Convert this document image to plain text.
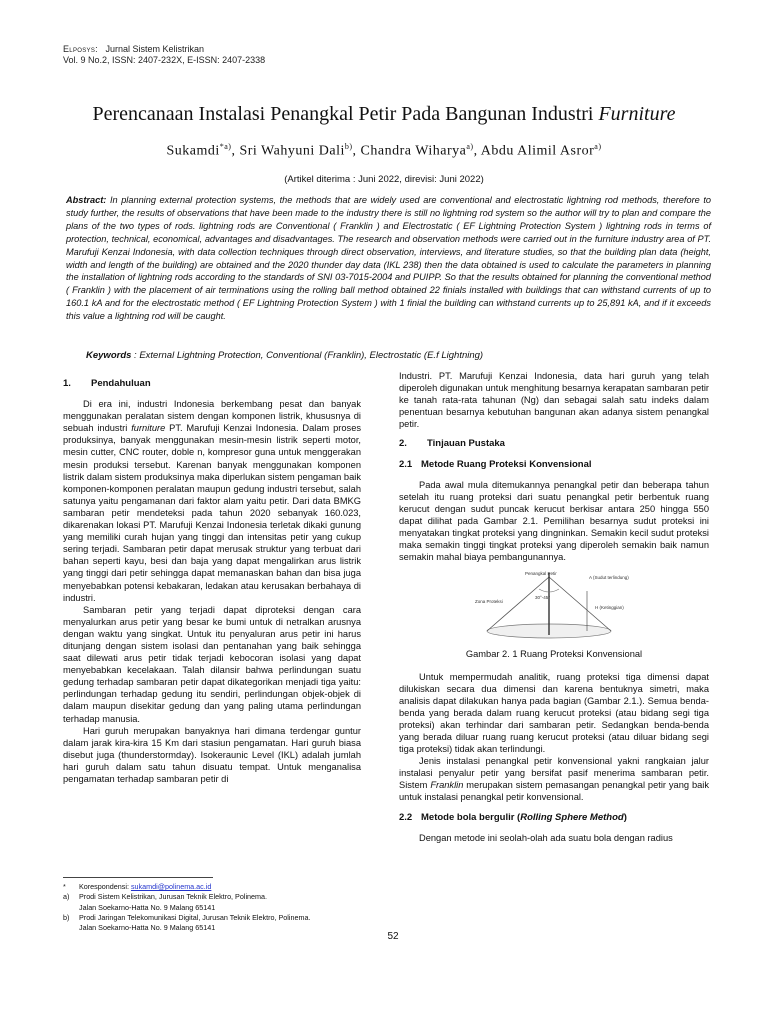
Elposys: Jurnal Sistem Kelistrikan
Vol. 9 No.2, ISSN: 2407-232X, E-ISSN: 2407-2338
Perencanaan Instalasi Penangkal Petir Pada Bangunan Industri Furniture
Sukamdi$^{*a)}$, Sri Wahyuni Dali$^{b)}$, Chandra Wiharya$^{a)}$, Abdu Alimil Asror$^{a)}$
(Artikel diterima : Juni 2022, direvisi: Juni 2022)
Abstract: In planning external protection systems, the methods that are widely used are conventional and electrostatic lightning rod methods, therefore to study further, the results of observations that have been made to the industry there is still no lightning rod system so the author will try to plan and compare the plans of the two types of rods. lightning rods are Conventional ( Franklin ) and Electrostatic ( EF Lightning Protection System ) lightning rods in terms of protection, technical, economical, advantages and disadvantages. The research and observation methods were carried out in the furniture industry area of PT. Marufuji Kenzai Indonesia, with data collection techniques through direct observation, interviews, and literature studies, so that the building plan data (height, width and length of the building) are obtained and the 2020 thunder day data (IKL 238) then the data obtained is used to calculate the parameters in planning the installation of lightning rods according to the standards of SNI 03-7015-2004 and PUIPP. So that the results obtained for planning the conventional method ( Franklin ) with the placement of air terminations using the rolling ball method obtained 22 finials installed with buildings that can withstand currents of up to 160.1 kA and for the electrostatic method ( EF Lightning Protection System ) with 1 finial the building can withstand currents up to 25,891 kA, and if it exceeds this value a lightning rod will be caught.
Keywords : External Lightning Protection, Conventional (Franklin), Electrostatic (E.f Lightning)

1. Pendahuluan

Di era ini, industri Indonesia berkembang pesat dan banyak menggunakan peralatan sistem dengan komponen listrik, khususnya di sebuah industri furniture PT. Marufuji Kenzai Indonesia. Dalam proses produksinya, banyak menggunakan mesin-mesin listrik seperti motor, mesin cutter, CNC router, doble n, kompresor guna untuk menggerakan mesin produksi tersebut. Karenan banyak menggunakan komponen listrik dalam sistem produksinya maka diperlukan sistem pengaman baik komponen-komponen peralatan maupun gedung industri tersebut, salah satunya yaitu pengamanan dari faktor alam yaitu petir. Dari data BMKG sambaran petir mendeteksi pada tahun 2020 sebanyak 160.023, dikarenakan lokasi PT. Marufuji Kenzai Indonesia terletak dikaki gunung yang memiliki curah hujan yang tinggi dan intensitas petir yang cukup sering terjadi. Sambaran petir dapat merusak struktur yang terbuat dari bahan seperti kayu, besi dan baja yang dapat mengalirkan arus listrik yang tinggi dari petir sehingga dapat memanaskan bahan dan bisa juga menyebabkan potensi kebakaran, ledakan atau kerusakan berbahaya di industri.

Sambaran petir yang terjadi dapat diproteksi dengan cara menyalurkan arus petir yang besar ke bumi untuk di netralkan arusnya dengan waktu yang singkat. Untuk itu penyaluran arus petir ini harus ditunjang dengan sistem isolasi dan pentanahan yang baik sehingga saat dilewati arus petir tidak terjadi kebocoran isolasi yang dapat menyebabkan kecelakaan. Talah dilansir bahwa perlindungan suatu gedung terhadap sambaran petir dapat dikategorikan menjadi tiga yaitu: perlindungan terhadap gedung itu sendiri, perlindungan objek-objek di dalam maupun disekitar gedung dan yang paling utama perlindungan terhadap manusia.

Hari guruh merupakan banyaknya hari dimana terdengar guntur dalam jarak kira-kira 15 Km dari stasiun pengamatan. Hari guruh biasa disebut juga (thunderstormday). Isokeraunic Level (IKL) adalah jumlah hari guruh dalam satu tahun disuatu tempat. Untuk menganalisa pengamatan terhadap sambaran petir di

Industri. PT. Marufuji Kenzai Indonesia, data hari guruh yang telah diperoleh digunakan untuk menghitung besarnya kerapatan sambaran petir ke tanah rata-rata tahunan (Ng) dan sebagai salah satu indeks dalam penentuan besarnya kebutuhan bangunan akan adanya sistem penangkal petir.

2. Tinjauan Pustaka

2.1 Metode Ruang Proteksi Konvensional

Pada awal mula ditemukannya penangkal petir dan beberapa tahun setelah itu ruang proteksi dari suatu penangkal petir berbentuk ruang kerucut dengan sudut puncak kerucut berkisar antara 250 hingga 550 dapat dilihat pada Gambar 2.1. Pemilihan besarnya sudut proteksi ini menyatakan tingkat proteksi yang dingninkan. Semakin kecil sudut proteksi maka semakin tinggi tingkat proteksi yang diperoleh semakin baik namun semakin mahal biaya pembangunannya.

Penangkal Petir
A (Sudut terlindung)
Zona Proteksi
H (Ketinggian)
30°-45°

Gambar 2. 1 Ruang Proteksi Konvensional

Untuk mempermudah analitik, ruang proteksi tiga dimensi dapat dilukiskan secara dua dimensi dan karena bentuknya simetri, maka analisis dapat dilakukan hanya pada bagian (Gambar 2.1.). Semua benda-benda yang berada dalam ruang kerucut proteksi (atau bidang segi tiga proteksi) akan terhindar dari sambaran petir. Sedangkan benda-benda yang berada diluar ruang ruang kerucut proteksi (atau diluar bidang segi tiga proteksi) tidak akan terlindungi.

Jenis instalasi penangkal petir konvensional yakni rangkaian jalur instalasi penyalur petir yang bersifat pasif menerima sambaran petir. Sistem Franklin merupakan sistem pemasangan penangkal petir yang baik untuk instalasi penangkal petir konvensional.

2.2 Metode bola bergulir (Rolling Sphere Method)

Dengan metode ini seolah-olah ada suatu bola dengan radius

*	Korespondensi: sukamdi@polinema.ac.id
a)	Prodi Sistem Kelistrikan, Jurusan Teknik Elektro, Polinema.
Jalan Soekarno-Hatta No. 9 Malang 65141
b)	Prodi Jaringan Telekomunikasi Digital, Jurusan Teknik Elektro, Polinema.
Jalan Soekarno-Hatta No. 9 Malang 65141
52
